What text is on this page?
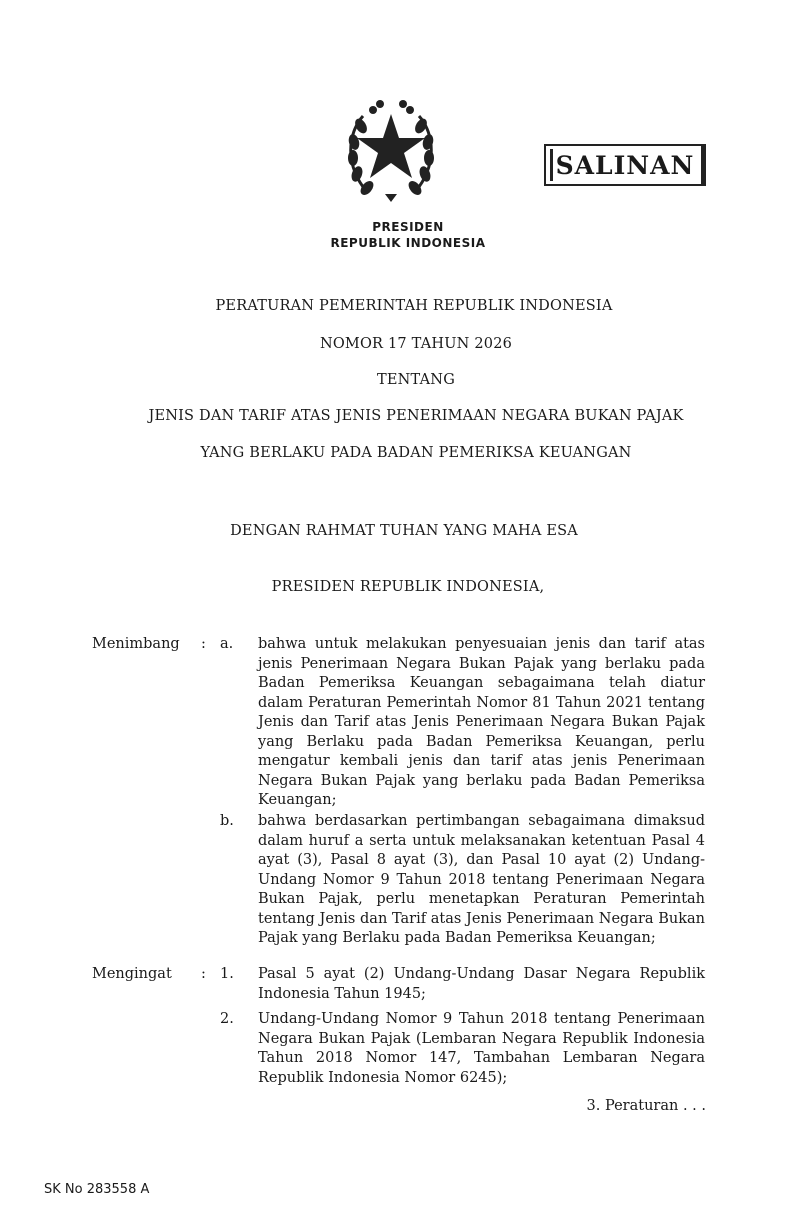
SALINAN
PRESIDEN
REPUBLIK INDONESIA
PERATURAN PEMERINTAH REPUBLIK INDONESIA
NOMOR 17 TAHUN 2026
TENTANG
JENIS DAN TARIF ATAS JENIS PENERIMAAN NEGARA BUKAN PAJAK
YANG BERLAKU PADA BADAN PEMERIKSA KEUANGAN
DENGAN RAHMAT TUHAN YANG MAHA ESA
PRESIDEN REPUBLIK INDONESIA,
Menimbang : a. bahwa untuk melakukan penyesuaian jenis dan tarif atas jenis Penerimaan Negara Bukan Pajak yang berlaku pada Badan Pemeriksa Keuangan sebagaimana telah diatur dalam Peraturan Pemerintah Nomor 81 Tahun 2021 tentang Jenis dan Tarif atas Jenis Penerimaan Negara Bukan Pajak yang Berlaku pada Badan Pemeriksa Keuangan, perlu mengatur kembali jenis dan tarif atas jenis Penerimaan Negara Bukan Pajak yang berlaku pada Badan Pemeriksa Keuangan;

b. bahwa berdasarkan pertimbangan sebagaimana dimaksud dalam huruf a serta untuk melaksanakan ketentuan Pasal 4 ayat (3), Pasal 8 ayat (3), dan Pasal 10 ayat (2) Undang-Undang Nomor 9 Tahun 2018 tentang Penerimaan Negara Bukan Pajak, perlu menetapkan Peraturan Pemerintah tentang Jenis dan Tarif atas Jenis Penerimaan Negara Bukan Pajak yang Berlaku pada Badan Pemeriksa Keuangan;

Mengingat : 1. Pasal 5 ayat (2) Undang-Undang Dasar Negara Republik Indonesia Tahun 1945;

2. Undang-Undang Nomor 9 Tahun 2018 tentang Penerimaan Negara Bukan Pajak (Lembaran Negara Republik Indonesia Tahun 2018 Nomor 147, Tambahan Lembaran Negara Republik Indonesia Nomor 6245);

3. Peraturan . . .
SK No 283558 A
